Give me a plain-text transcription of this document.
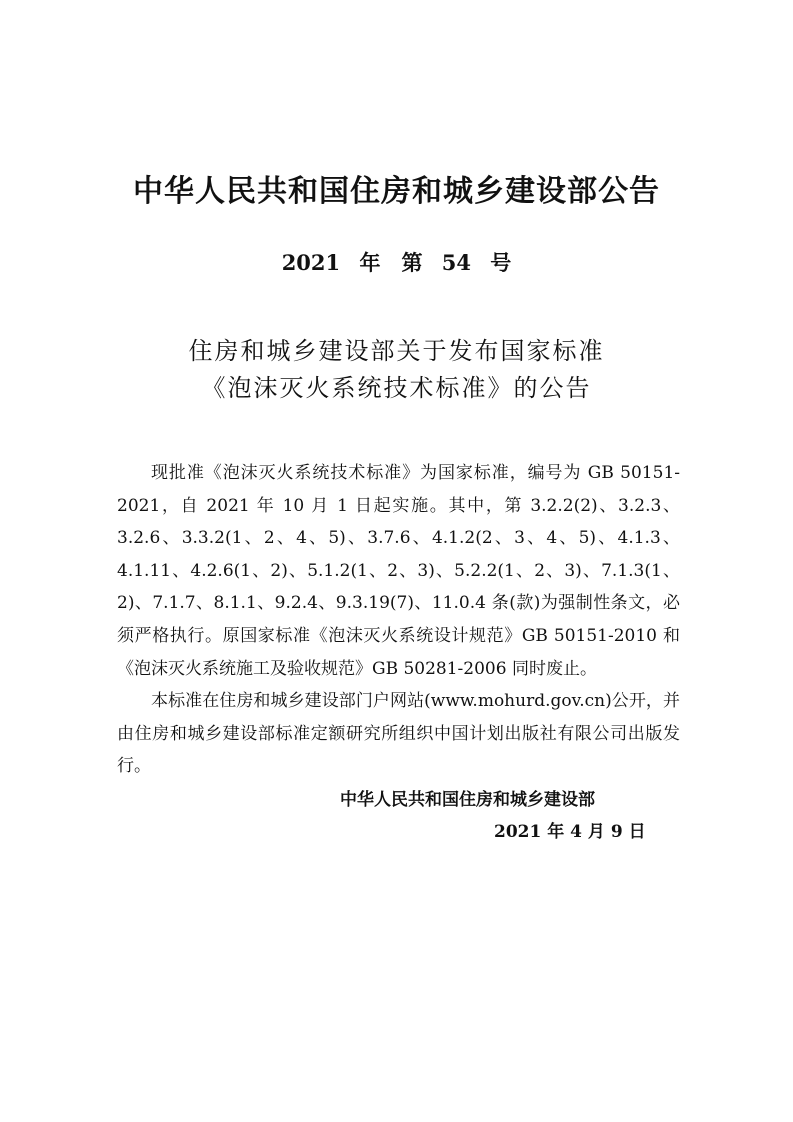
中华人民共和国住房和城乡建设部公告
2021 年　第 54 号
住房和城乡建设部关于发布国家标准
《泡沫灭火系统技术标准》的公告

现批准《泡沫灭火系统技术标准》为国家标准，编号为 GB 50151-2021，自 2021 年 10 月 1 日起实施。其中，第 3.2.2(2)、3.2.3、3.2.6、3.3.2(1、2、4、5)、3.7.6、4.1.2(2、3、4、5)、4.1.3、4.1.11、4.2.6(1、2)、5.1.2(1、2、3)、5.2.2(1、2、3)、7.1.3(1、2)、7.1.7、8.1.1、9.2.4、9.3.19(7)、11.0.4 条(款)为强制性条文，必须严格执行。原国家标准《泡沫灭火系统设计规范》GB 50151-2010 和《泡沫灭火系统施工及验收规范》GB 50281-2006 同时废止。

本标准在住房和城乡建设部门户网站(www.mohurd.gov.cn)公开，并由住房和城乡建设部标准定额研究所组织中国计划出版社有限公司出版发行。

中华人民共和国住房和城乡建设部
2021 年 4 月 9 日
